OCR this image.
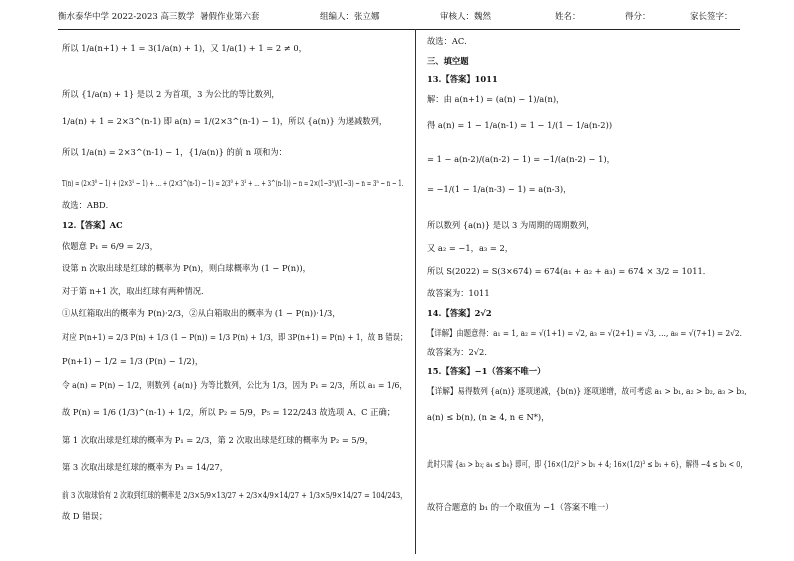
衡水泰华中学 2022-2023 高三数学 暑假作业第六套	组编人：张立娜	审核人：魏然	姓名：	得分：	家长签字：
所以 1/a(n+1) + 1 = 3(1/a(n) + 1)，又 1/a(1) + 1 = 2 ≠ 0，
所以 {1/a(n) + 1} 是以 2 为首项，3 为公比的等比数列，
1/a(n) + 1 = 2×3^(n-1) 即 a(n) = 1/(2×3^(n-1) − 1)，所以 {a(n)} 为递减数列，
所以 1/a(n) = 2×3^(n-1) − 1，{1/a(n)} 的前 n 项和为：
T(n) = (2×3⁰ − 1) + (2×3¹ − 1) + … + (2×3^(n-1) − 1) = 2(3⁰ + 3¹ + … + 3^(n-1)) − n = 2×(1−3ⁿ)/(1−3) − n = 3ⁿ − n − 1．
故选：ABD．
12.【答案】AC
依题意 P₁ = 6/9 = 2/3，
设第 n 次取出球是红球的概率为 P(n)，则白球概率为 (1 − P(n))，
对于第 n+1 次，取出红球有两种情况．
①从红箱取出的概率为 P(n)·2/3，②从白箱取出的概率为 (1 − P(n))·1/3，
对应 P(n+1) = 2/3 P(n) + 1/3 (1 − P(n)) = 1/3 P(n) + 1/3，即 3P(n+1) = P(n) + 1，故 B 错误；
P(n+1) − 1/2 = 1/3 (P(n) − 1/2)，
令 a(n) = P(n) − 1/2，则数列 {a(n)} 为等比数列，公比为 1/3，因为 P₁ = 2/3，所以 a₁ = 1/6，
故 P(n) = 1/6 (1/3)^(n-1) + 1/2，所以 P₂ = 5/9，P₅ = 122/243 故选项 A、C 正确；
第 1 次取出球是红球的概率为 P₁ = 2/3，第 2 次取出球是红球的概率为 P₂ = 5/9，
第 3 次取出球是红球的概率为 P₃ = 14/27，
前 3 次取球恰有 2 次取到红球的概率是 2/3×5/9×13/27 + 2/3×4/9×14/27 + 1/3×5/9×14/27 = 104/243，
故 D 错误；
故选：AC．
三、填空题
13.【答案】1011
解：由 a(n+1) = (a(n) − 1)/a(n)，
得 a(n) = 1 − 1/a(n-1) = 1 − 1/(1 − 1/a(n-2))
= 1 − a(n-2)/(a(n-2) − 1) = −1/(a(n-2) − 1)，
= −1/(1 − 1/a(n-3) − 1) = a(n-3)，
所以数列 {a(n)} 是以 3 为周期的周期数列，
又 a₂ = −1，a₃ = 2，
所以 S(2022) = S(3×674) = 674(a₁ + a₂ + a₃) = 674 × 3/2 = 1011．
故答案为：1011
14.【答案】2√2
【详解】由题意得：a₁ = 1, a₂ = √(1+1) = √2, a₃ = √(2+1) = √3, …, a₈ = √(7+1) = 2√2．
故答案为：2√2．
15.【答案】−1（答案不唯一）
【详解】易得数列 {a(n)} 逐项递减，{b(n)} 逐项递增，故可考虑 a₁ > b₁, a₂ > b₂, a₃ > b₃,
a(n) ≤ b(n), (n ≥ 4, n ∈ N*)，
此时只需 {a₃ > b₃; a₄ ≤ b₄} 即可，即 {16×(1/2)² > b₁ + 4; 16×(1/2)³ ≤ b₁ + 6}，解得 −4 ≤ b₁ < 0，
故符合题意的 b₁ 的一个取值为 −1（答案不唯一）
